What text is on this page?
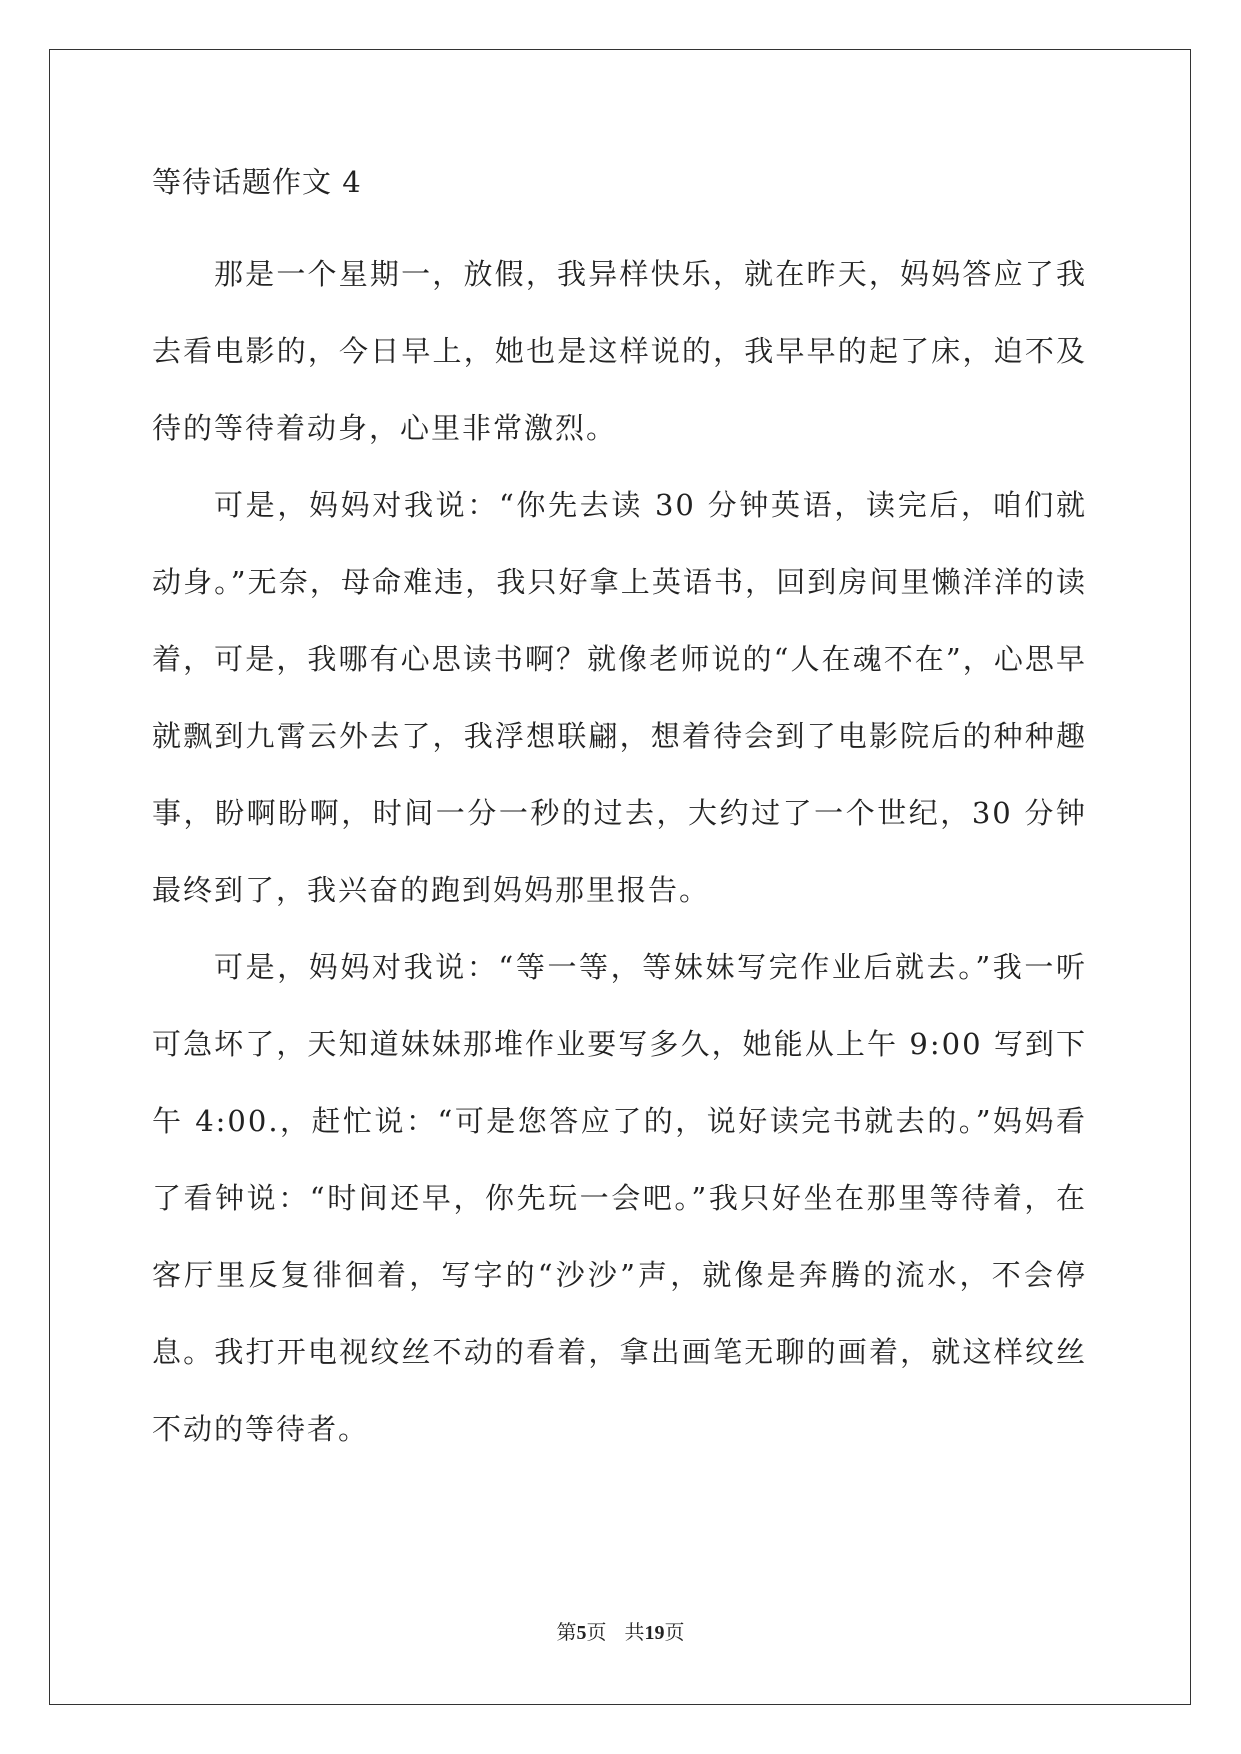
等待话题作文 4

那是一个星期一，放假，我异样快乐，就在昨天，妈妈答应了我去看电影的，今日早上，她也是这样说的，我早早的起了床，迫不及待的等待着动身，心里非常激烈。

可是，妈妈对我说：“你先去读 30 分钟英语，读完后，咱们就动身。”无奈，母命难违，我只好拿上英语书，回到房间里懒洋洋的读着，可是，我哪有心思读书啊？就像老师说的“人在魂不在”，心思早就飘到九霄云外去了，我浮想联翩，想着待会到了电影院后的种种趣事，盼啊盼啊，时间一分一秒的过去，大约过了一个世纪，30 分钟最终到了，我兴奋的跑到妈妈那里报告。

可是，妈妈对我说：“等一等，等妹妹写完作业后就去。”我一听可急坏了，天知道妹妹那堆作业要写多久，她能从上午 9:00 写到下午 4:00.，赶忙说：“可是您答应了的，说好读完书就去的。”妈妈看了看钟说：“时间还早，你先玩一会吧。”我只好坐在那里等待着，在客厅里反复徘徊着，写字的“沙沙”声，就像是奔腾的流水，不会停息。我打开电视纹丝不动的看着，拿出画笔无聊的画着，就这样纹丝不动的等待者。

第5页 共19页
